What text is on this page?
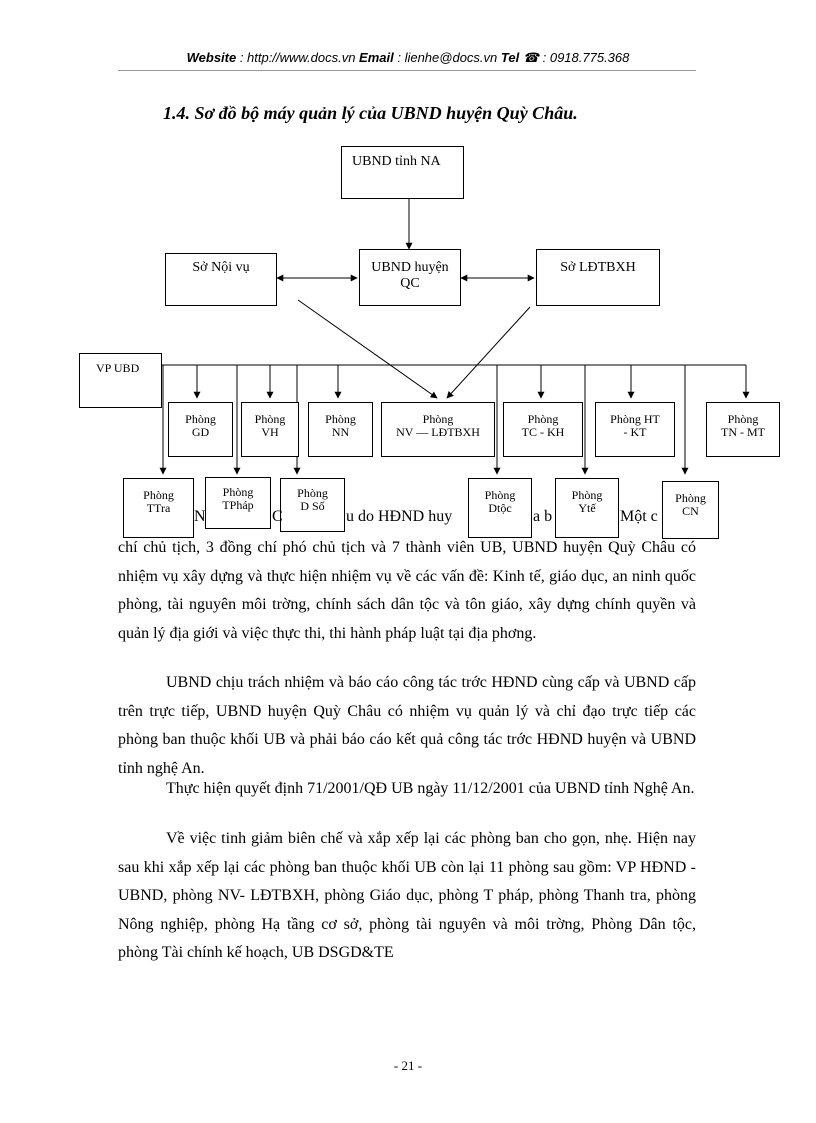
Website : http://www.docs.vn Email : lienhe@docs.vn Tel ☎ : 0918.775.368
1.4. Sơ đồ bộ máy quản lý của UBND huyện Quỳ Châu.
UBND tỉnh NA
Sở Nội vụ	UBND huyện
QC
Sở LĐTBXH
VP UBD
Phòng
GD
Phòng
VH
Phòng
NN
Phòng
NV — LĐTBXH
Phòng
TC - KH
Phòng HT
- KT
Phòng
TN - MT
Phòng
TTra
Phòng
TPháp
Phòng
D Số
Phòng
Dtộc
Phòng
Ytế
Phòng
CN
N	C	u do HĐND huy	a b	Một c
chí chủ tịch, 3 đồng chí phó chủ tịch và 7 thành viên UB, UBND huyện Quỳ Châu có nhiệm vụ xây dựng và thực hiện nhiệm vụ về các vấn đề: Kinh tế, giáo dục, an ninh quốc phòng, tài nguyên môi trờng, chính sách dân tộc và tôn giáo, xây dựng chính quyền và quản lý địa giới và việc thực thi, thi hành pháp luật tại địa phơng.
UBND chịu trách nhiệm và báo cáo công tác trớc HĐND cùng cấp và UBND cấp trên trực tiếp, UBND huyện Quỳ Châu có nhiệm vụ quản lý và chỉ đạo trực tiếp các phòng ban thuộc khối UB và phải báo cáo kết quả công tác trớc HĐND huyện và UBND tỉnh nghệ An.
Thực hiện quyết định 71/2001/QĐ UB ngày 11/12/2001 của UBND tỉnh Nghệ An.
Về việc tinh giảm biên chế và xắp xếp lại các phòng ban cho gọn, nhẹ. Hiện nay sau khi xắp xếp lại các phòng ban thuộc khối UB còn lại 11 phòng sau gồm: VP HĐND - UBND, phòng NV- LĐTBXH, phòng Giáo dục, phòng T pháp, phòng Thanh tra, phòng Nông nghiệp, phòng Hạ tầng cơ sở, phòng tài nguyên và môi trờng, Phòng Dân tộc, phòng Tài chính kế hoạch, UB DSGD&TE
- 21 -
